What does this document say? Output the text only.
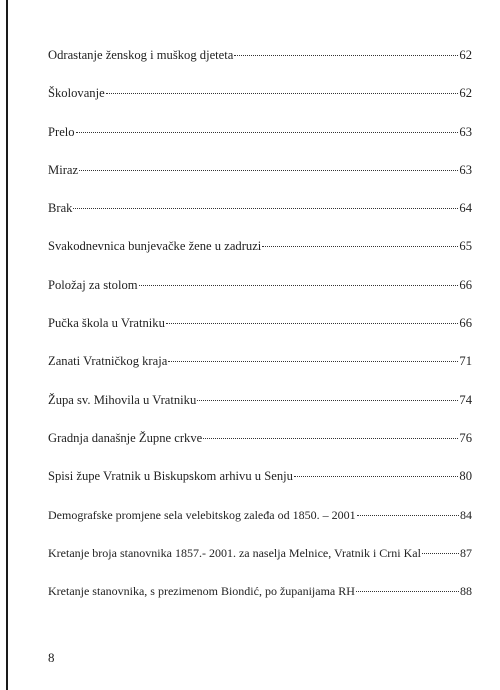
Odrastanje ženskog i muškog djeteta	62
Školovanje	62
Prelo	63
Miraz	63
Brak	64
Svakodnevnica bunjevačke žene u zadruzi	65
Položaj za stolom	66
Pučka škola u Vratniku	66
Zanati Vratničkog kraja	71
Župa sv. Mihovila u Vratniku	74
Gradnja današnje Župne crkve	76
Spisi župe Vratnik u Biskupskom arhivu u Senju	80
Demografske promjene sela velebitskog zaleđa od 1850. – 2001	84
Kretanje broja stanovnika 1857.- 2001. za naselja Melnice, Vratnik i Crni Kal	87
Kretanje stanovnika, s prezimenom Biondić, po županijama RH	88
8
